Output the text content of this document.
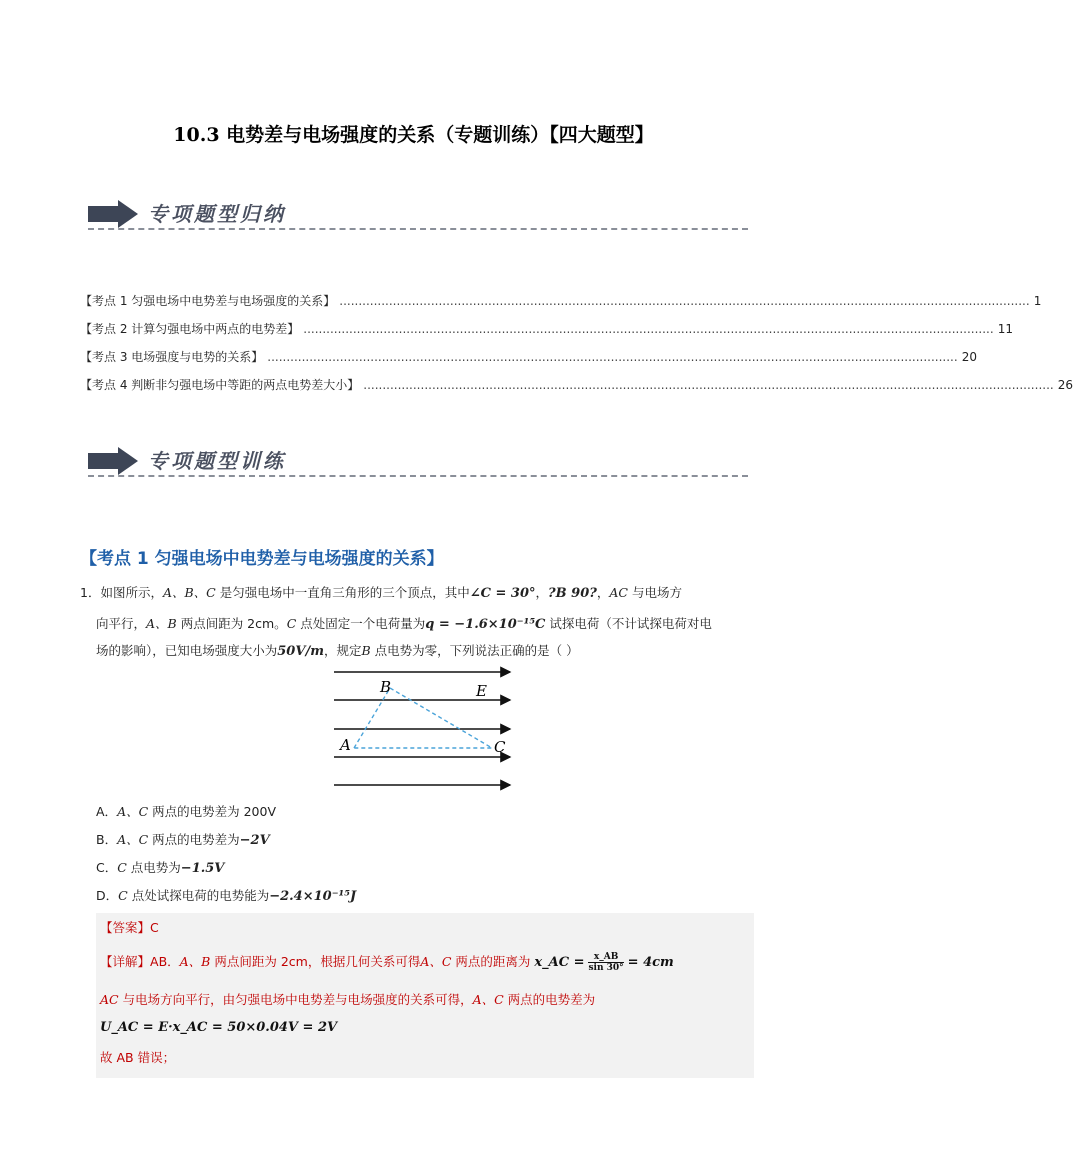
10.3 电势差与电场强度的关系（专题训练）【四大题型】
专项题型归纳
【考点 1 匀强电场中电势差与电场强度的关系】 ..................................................................................................................................................................................... 1
【考点 2 计算匀强电场中两点的电势差】 ..................................................................................................................................................................................... 11
【考点 3 电场强度与电势的关系】 ..................................................................................................................................................................................... 20
【考点 4 判断非匀强电场中等距的两点电势差大小】 ..................................................................................................................................................................................... 26
专项题型训练
【考点 1 匀强电场中电势差与电场强度的关系】
1．如图所示，A、B、C 是匀强电场中一直角三角形的三个顶点，其中∠C = 30°，?B 90?，AC 与电场方
向平行，A、B 两点间距为 2cm。C 点处固定一个电荷量为q = −1.6×10⁻¹⁵C 试探电荷（不计试探电荷对电
场的影响），已知电场强度大小为50V/m，规定B 点电势为零，下列说法正确的是（ ）
A
B
C
E
A．A、C 两点的电势差为 200V
B．A、C 两点的电势差为−2V
C．C 点电势为−1.5V
D．C 点处试探电荷的电势能为−2.4×10⁻¹⁵J
【答案】C
【详解】AB．A、B 两点间距为 2cm，根据几何关系可得A、C 两点的距离为 x_AC = $\frac{x\_AB}{\sin 30^\circ} = 4cm$
AC 与电场方向平行，由匀强电场中电势差与电场强度的关系可得，A、C 两点的电势差为
U_AC = E·x_AC = 50×0.04V = 2V
故 AB 错误；
